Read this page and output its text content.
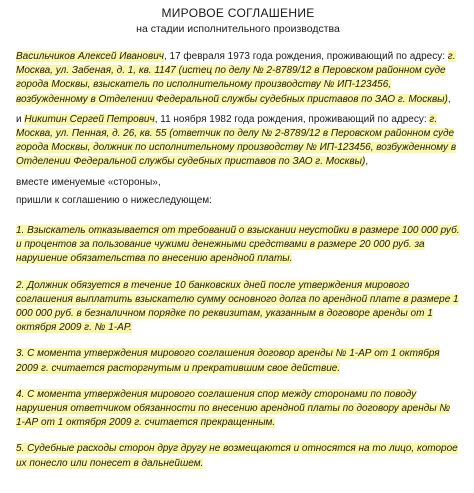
МИРОВОЕ СОГЛАШЕНИЕ
на стадии исполнительного производства

Васильчиков Алексей Иванович, 17 февраля 1973 года рождения, проживающий по адресу: г. Москва, ул. Забеная, д. 1, кв. 1147 (истец по делу № 2-8789/12 в Перовском районном суде города Москвы, взыскатель по исполнительному производству № ИП-123456, возбужденному в Отделении Федеральной службы судебных приставов по ЗАО г. Москвы),

и Никитин Сергей Петрович, 11 ноября 1982 года рождения, проживающий по адресу: г. Москва, ул. Пенная, д. 26, кв. 55 (ответчик по делу № 2-8789/12 в Перовском районном суде города Москвы, должник по исполнительному производству № ИП-123456, возбужденному в Отделении Федеральной службы судебных приставов по ЗАО г. Москвы),

вместе именуемые «стороны»,

пришли к соглашению о нижеследующем:

1. Взыскатель отказывается от требований о взыскании неустойки в размере 100 000 руб. и процентов за пользование чужими денежными средствами в размере 20 000 руб. за нарушение обязательства по внесению арендной платы.

2. Должник обязуется в течение 10 банковских дней после утверждения мирового соглашения выплатить взыскателю сумму основного долга по арендной плате в размере 1 000 000 руб. в безналичном порядке по реквизитам, указанным в договоре аренды от 1 октября 2009 г. № 1-АР.

3. С момента утверждения мирового соглашения договор аренды № 1-АР от 1 октября 2009 г. считается расторгнутым и прекратившим свое действие.

4. С момента утверждения мирового соглашения спор между сторонами по поводу нарушения ответчиком обязанности по внесению арендной платы по договору аренды № 1-АР от 1 октября 2009 г. считается прекращенным.

5. Судебные расходы сторон друг другу не возмещаются и относятся на то лицо, которое их понесло или понесет в дальнейшем.
